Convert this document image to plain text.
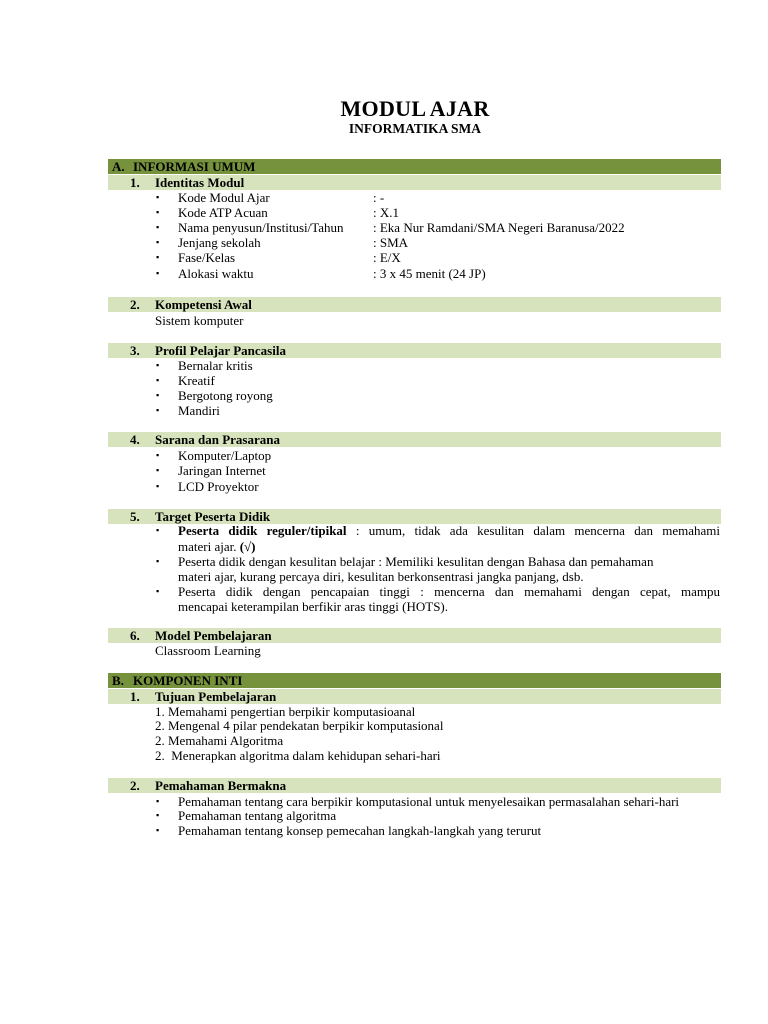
MODUL AJAR
INFORMATIKA SMA
A. INFORMASI UMUM
1. Identitas Modul
▪ Kode Modul Ajar	: -
▪ Kode ATP Acuan	: X.1
▪ Nama penyusun/Institusi/Tahun : Eka Nur Ramdani/SMA Negeri Baranusa/2022
▪ Jenjang sekolah	: SMA
▪ Fase/Kelas	: E/X
▪ Alokasi waktu	: 3 x 45 menit (24 JP)
2. Kompetensi Awal
Sistem komputer
3. Profil Pelajar Pancasila
▪ Bernalar kritis
▪ Kreatif
▪ Bergotong royong
▪ Mandiri
4. Sarana dan Prasarana
▪ Komputer/Laptop
▪ Jaringan Internet
▪ LCD Proyektor
5. Target Peserta Didik
▪ Peserta didik reguler/tipikal : umum, tidak ada kesulitan dalam mencerna dan memahami
materi ajar. (√)
▪ Peserta didik dengan kesulitan belajar : Memiliki kesulitan dengan Bahasa dan pemahaman
materi ajar, kurang percaya diri, kesulitan berkonsentrasi jangka panjang, dsb.
▪ Peserta didik dengan pencapaian tinggi : mencerna dan memahami dengan cepat, mampu
mencapai keterampilan berfikir aras tinggi (HOTS).
6. Model Pembelajaran
Classroom Learning
B. KOMPONEN INTI
1. Tujuan Pembelajaran
1. Memahami pengertian berpikir komputasioanal
2. Mengenal 4 pilar pendekatan berpikir komputasional
2. Memahami Algoritma
2.  Menerapkan algoritma dalam kehidupan sehari-hari
2. Pemahaman Bermakna
▪ Pemahaman tentang cara berpikir komputasional untuk menyelesaikan permasalahan sehari-hari
▪ Pemahaman tentang algoritma
▪ Pemahaman tentang konsep pemecahan langkah-langkah yang terurut
